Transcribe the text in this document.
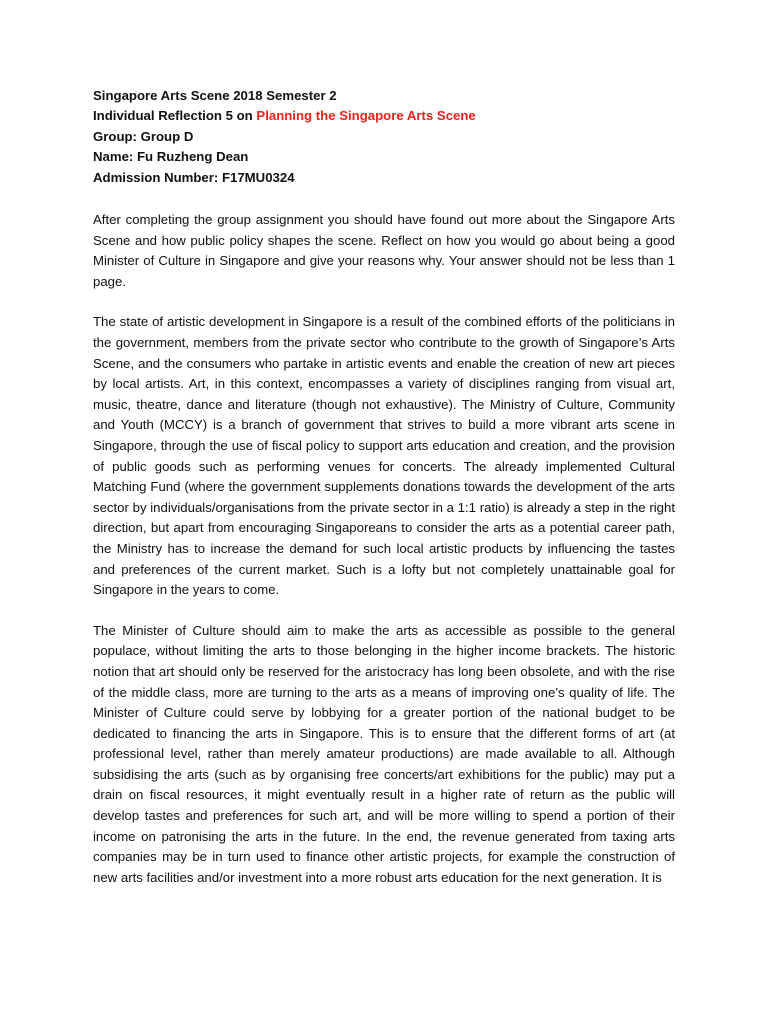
Singapore Arts Scene 2018 Semester 2

Individual Reflection 5 on Planning the Singapore Arts Scene

Group: Group D

Name: Fu Ruzheng Dean

Admission Number: F17MU0324

After completing the group assignment you should have found out more about the Singapore Arts Scene and how public policy shapes the scene. Reflect on how you would go about being a good Minister of Culture in Singapore and give your reasons why. Your answer should not be less than 1 page.

The state of artistic development in Singapore is a result of the combined efforts of the politicians in the government, members from the private sector who contribute to the growth of Singapore’s Arts Scene, and the consumers who partake in artistic events and enable the creation of new art pieces by local artists. Art, in this context, encompasses a variety of disciplines ranging from visual art, music, theatre, dance and literature (though not exhaustive). The Ministry of Culture, Community and Youth (MCCY) is a branch of government that strives to build a more vibrant arts scene in Singapore, through the use of fiscal policy to support arts education and creation, and the provision of public goods such as performing venues for concerts. The already implemented Cultural Matching Fund (where the government supplements donations towards the development of the arts sector by individuals/organisations from the private sector in a 1:1 ratio) is already a step in the right direction, but apart from encouraging Singaporeans to consider the arts as a potential career path, the Ministry has to increase the demand for such local artistic products by influencing the tastes and preferences of the current market. Such is a lofty but not completely unattainable goal for Singapore in the years to come.

The Minister of Culture should aim to make the arts as accessible as possible to the general populace, without limiting the arts to those belonging in the higher income brackets. The historic notion that art should only be reserved for the aristocracy has long been obsolete, and with the rise of the middle class, more are turning to the arts as a means of improving one’s quality of life. The Minister of Culture could serve by lobbying for a greater portion of the national budget to be dedicated to financing the arts in Singapore. This is to ensure that the different forms of art (at professional level, rather than merely amateur productions) are made available to all. Although subsidising the arts (such as by organising free concerts/art exhibitions for the public) may put a drain on fiscal resources, it might eventually result in a higher rate of return as the public will develop tastes and preferences for such art, and will be more willing to spend a portion of their income on patronising the arts in the future. In the end, the revenue generated from taxing arts companies may be in turn used to finance other artistic projects, for example the construction of new arts facilities and/or investment into a more robust arts education for the next generation. It is
